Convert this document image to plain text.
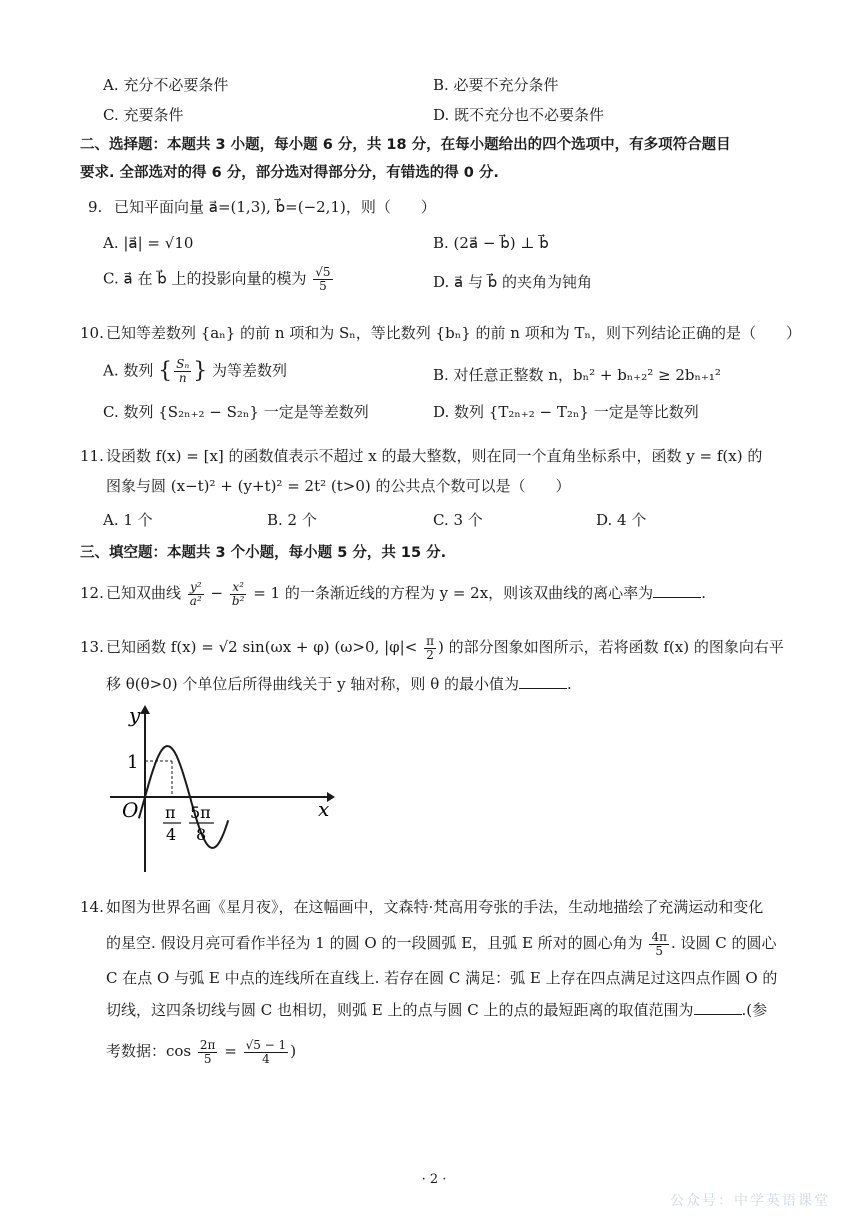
A. 充分不必要条件	B. 必要不充分条件
C. 充要条件	D. 既不充分也不必要条件
二、选择题：本题共 3 小题，每小题 6 分，共 18 分，在每小题给出的四个选项中，有多项符合题目
要求. 全部选对的得 6 分，部分选对得部分分，有错选的得 0 分.
9. 已知平面向量 a⃗=(1,3), b⃗=(−2,1)，则（　　）
A. |a⃗| = √10	B. (2a⃗ − b⃗) ⊥ b⃗
C. a⃗ 在 b⃗ 上的投影向量的模为 $\frac{√5}{5}$	D. a⃗ 与 b⃗ 的夹角为钝角
10. 已知等差数列 {aₙ} 的前 n 项和为 Sₙ，等比数列 {bₙ} 的前 n 项和为 Tₙ，则下列结论正确的是（　　）
A. 数列 { $\frac{\text{Sₙ}}{n}$ } 为等差数列	B. 对任意正整数 n，bₙ² + bₙ₊₂² ≥ 2bₙ₊₁²
C. 数列 {S₂ₙ₊₂ − S₂ₙ} 一定是等差数列	D. 数列 {T₂ₙ₊₂ − T₂ₙ} 一定是等比数列
11. 设函数 f(x) = [x] 的函数值表示不超过 x 的最大整数，则在同一个直角坐标系中，函数 y = f(x) 的
图象与圆 (x−t)² + (y+t)² = 2t² (t>0) 的公共点个数可以是（　　）
A. 1 个	B. 2 个	C. 3 个	D. 4 个
三、填空题：本题共 3 个小题，每小题 5 分，共 15 分.
12. 已知双曲线 $\frac{\text{y²}}{\text{a²}} - \frac{\text{x²}}{\text{b²}} = 1$ 的一条渐近线的方程为 y = 2x，则该双曲线的离心率为	.
13. 已知函数 f(x) = √2 sin(ωx + φ) (ω>0, $|\varphi|< \frac{\pi}{2}$ ) 的部分图象如图所示，若将函数 f(x) 的图象向右平
移 θ(θ>0) 个单位后所得曲线关于 y 轴对称，则 θ 的最小值为	.
y
x
O
1
π
4
5π
8
14. 如图为世界名画《星月夜》，在这幅画中，文森特·梵高用夸张的手法，生动地描绘了充满运动和变化
的星空. 假设月亮可看作半径为 1 的圆 O 的一段圆弧 E，且弧 E 所对的圆心角为 $\frac{4\pi}{5}$ . 设圆 C 的圆心
C 在点 O 与弧 E 中点的连线所在直线上. 若存在圆 C 满足：弧 E 上存在四点满足过这四点作圆 O 的
切线，这四条切线与圆 C 也相切，则弧 E 上的点与圆 C 上的点的最短距离的取值范围为	.(参
考数据：$\cos \frac{2\pi}{5} = \frac{√5 - 1}{4}$ )
· 2 ·
公众号：中学英语课堂
